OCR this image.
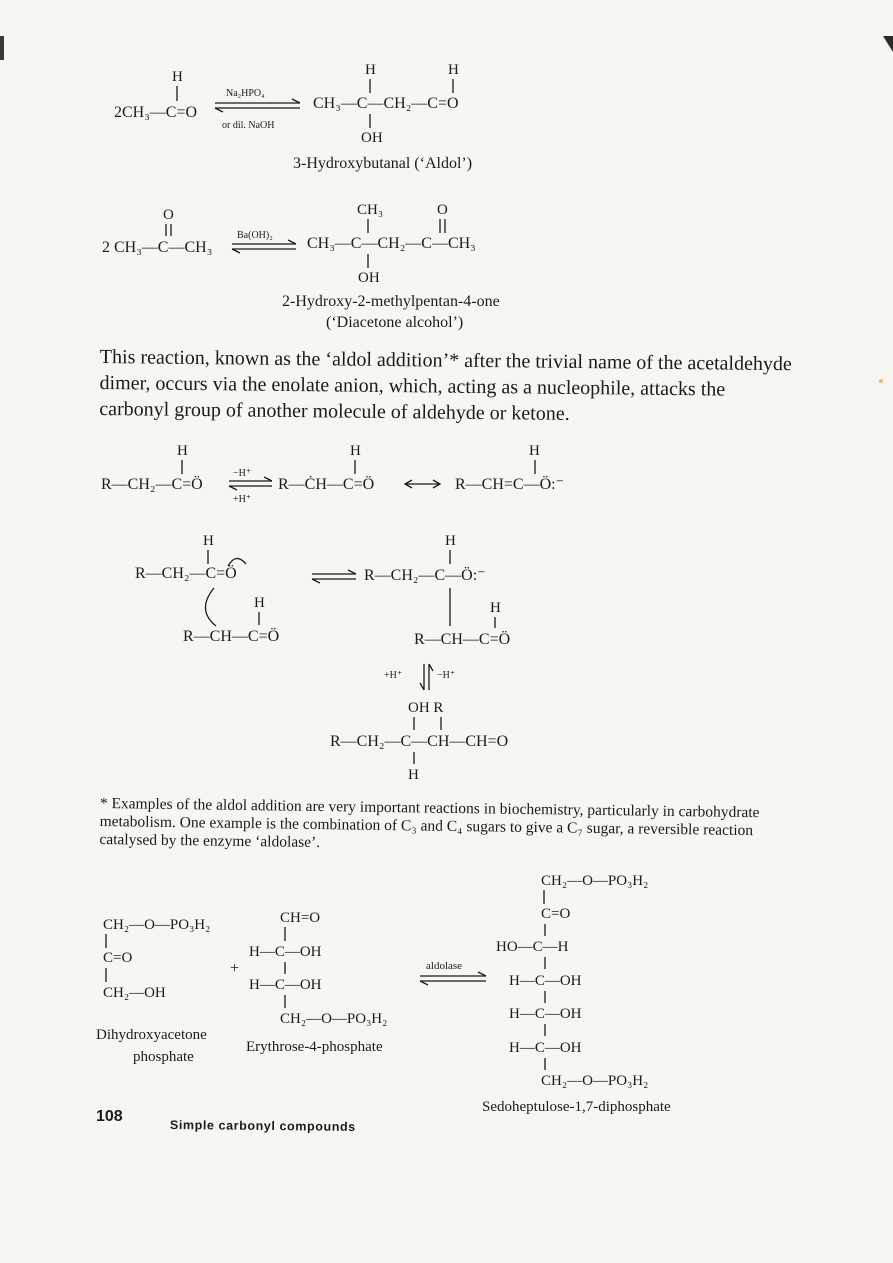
H
2CH₃—C=O
Na₂HPO₄
or dil. NaOH
H	H
CH₃—C—CH₂—C=O
OH
3-Hydroxybutanal (‘Aldol’)
O
2 CH₃—C—CH₃
Ba(OH)₂
CH₃	O
CH₃—C—CH₂—C—CH₃
OH
2-Hydroxy-2-methylpentan-4-one
(‘Diacetone alcohol’)

This reaction, known as the ‘aldol addition’* after the trivial name of the acetaldehyde dimer, occurs via the enolate anion, which, acting as a nucleophile, attacks the carbonyl group of another molecule of aldehyde or ketone.

H
R—CH₂—C=Ö
−H⁺
+H⁺
H
R—ĊH—C=Ö
H
R—CH=C—Ö:⁻
H
R—CH₂—C=Ö
H
R—CH—C=Ö
H
R—CH₂—C—Ö:⁻
H
R—CH—C=Ö
+H⁺	−H⁺
OH R
R—CH₂—C—CH—CH=O
H

* Examples of the aldol addition are very important reactions in biochemistry, particularly in carbohydrate metabolism. One example is the combination of C₃ and C₄ sugars to give a C₇ sugar, a reversible reaction catalysed by the enzyme ‘aldolase’.

CH₂—O—PO₃H₂
C=O
CH₂—OH
Dihydroxyacetone
phosphate
+
CH=O
H—C—OH
H—C—OH
CH₂—O—PO₃H₂
Erythrose-4-phosphate
aldolase
CH₂—O—PO₃H₂
C=O
HO—C—H
H—C—OH
H—C—OH
H—C—OH
CH₂—O—PO₃H₂
Sedoheptulose-1,7-diphosphate
108
Simple carbonyl compounds
